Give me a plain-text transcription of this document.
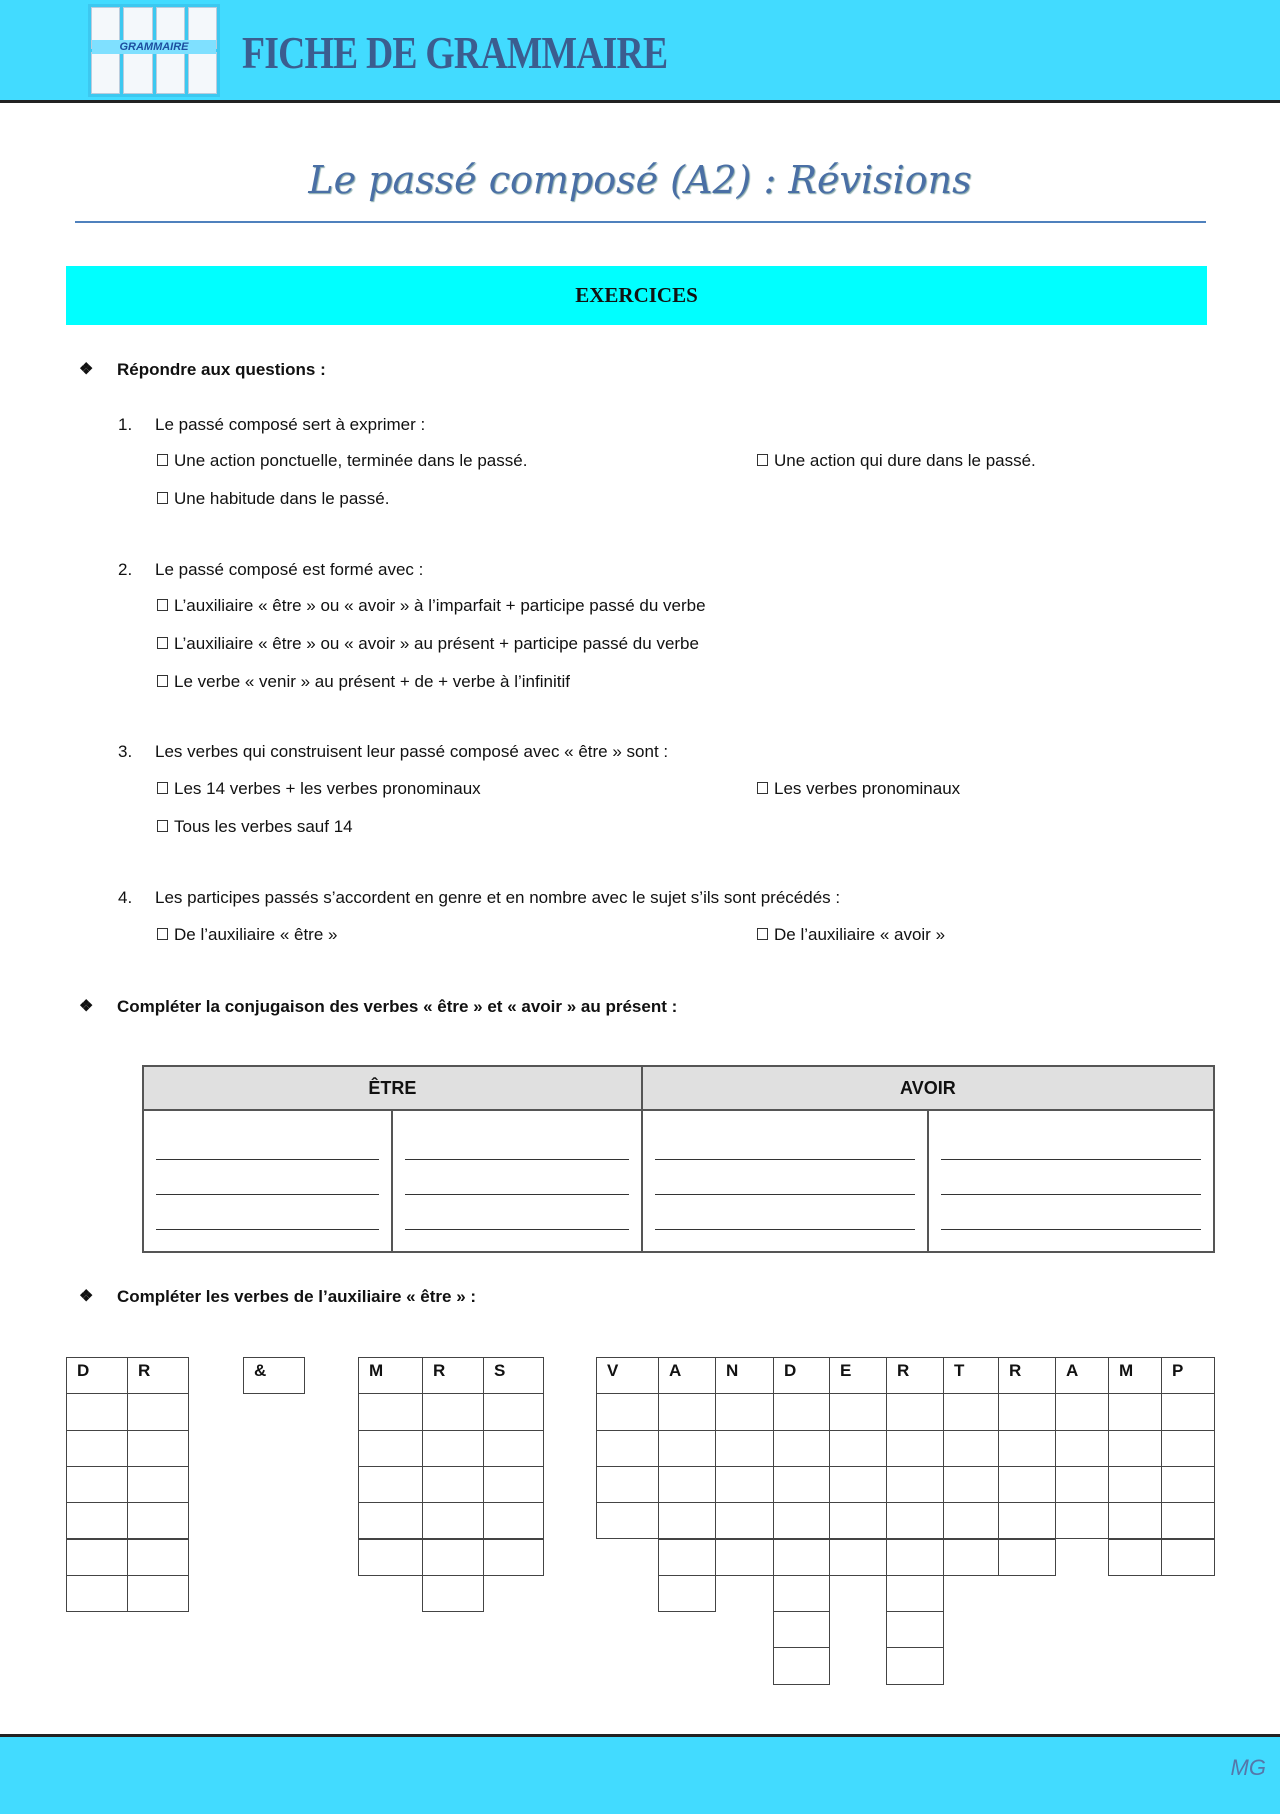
GRAMMAIRE	FICHE DE GRAMMAIRE
Le passé composé (A2) : Révisions
EXERCICES
❖ Répondre aux questions :
1. Le passé composé sert à exprimer :
Une action ponctuelle, terminée dans le passé.	Une action qui dure dans le passé.
Une habitude dans le passé.
2. Le passé composé est formé avec :
L’auxiliaire « être » ou « avoir » à l’imparfait + participe passé du verbe
L’auxiliaire « être » ou « avoir » au présent + participe passé du verbe
Le verbe « venir » au présent + de + verbe à l’infinitif
3. Les verbes qui construisent leur passé composé avec « être » sont :
Les 14 verbes + les verbes pronominaux	Les verbes pronominaux
Tous les verbes sauf 14
4. Les participes passés s’accordent en genre et en nombre avec le sujet s’ils sont précédés :
De l’auxiliaire « être »	De l’auxiliaire « avoir »
❖ Compléter la conjugaison des verbes « être » et « avoir » au présent :
ÊTRE		AVOIR	

❖ Compléter les verbes de l’auxiliaire « être » :
D	R	&	M	R	S	V	A	N	D	E	R	T	R	A	M	P
MG
